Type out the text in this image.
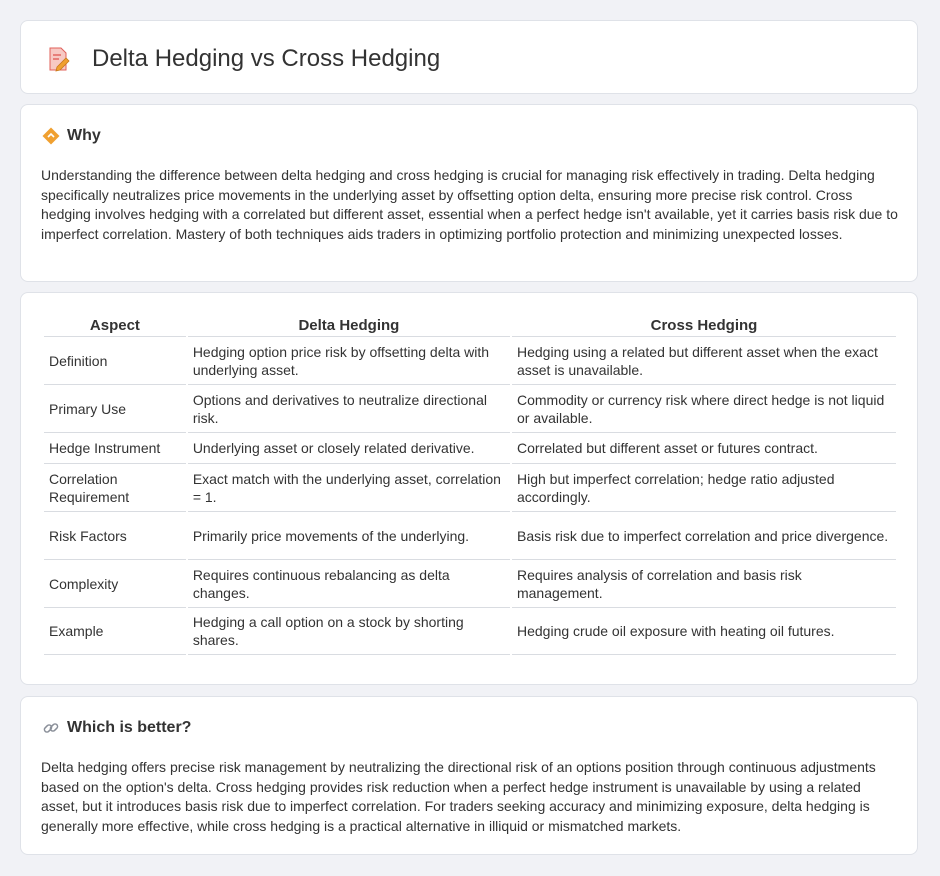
Delta Hedging vs Cross Hedging
Why
Understanding the difference between delta hedging and cross hedging is crucial for managing risk effectively in trading. Delta hedging specifically neutralizes price movements in the underlying asset by offsetting option delta, ensuring more precise risk control. Cross hedging involves hedging with a correlated but different asset, essential when a perfect hedge isn't available, yet it carries basis risk due to imperfect correlation. Mastery of both techniques aids traders in optimizing portfolio protection and minimizing unexpected losses.
Aspect	Delta Hedging	Cross Hedging
Definition	Hedging option price risk by offsetting delta with underlying asset.	Hedging using a related but different asset when the exact asset is unavailable.
Primary Use	Options and derivatives to neutralize directional risk.	Commodity or currency risk where direct hedge is not liquid or available.
Hedge Instrument	Underlying asset or closely related derivative.	Correlated but different asset or futures contract.
Correlation Requirement	Exact match with the underlying asset, correlation = 1.	High but imperfect correlation; hedge ratio adjusted accordingly.
Risk Factors	Primarily price movements of the underlying.	Basis risk due to imperfect correlation and price divergence.
Complexity	Requires continuous rebalancing as delta changes.	Requires analysis of correlation and basis risk management.
Example	Hedging a call option on a stock by shorting shares.	Hedging crude oil exposure with heating oil futures.
Which is better?
Delta hedging offers precise risk management by neutralizing the directional risk of an options position through continuous adjustments based on the option's delta. Cross hedging provides risk reduction when a perfect hedge instrument is unavailable by using a related asset, but it introduces basis risk due to imperfect correlation. For traders seeking accuracy and minimizing exposure, delta hedging is generally more effective, while cross hedging is a practical alternative in illiquid or mismatched markets.
